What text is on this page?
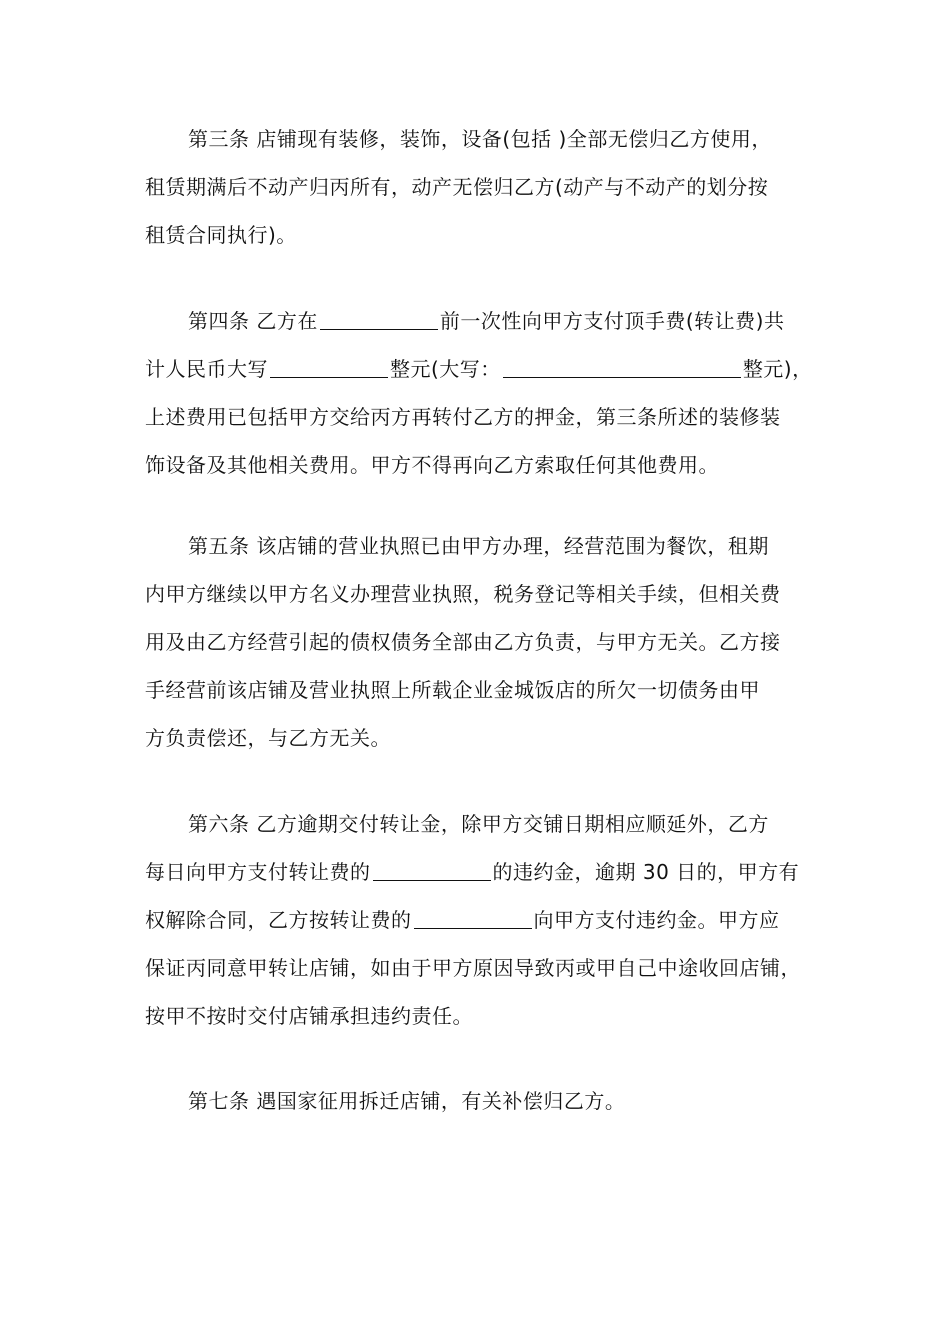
第三条 店铺现有装修，装饰，设备(包括 )全部无偿归乙方使用，
租赁期满后不动产归丙所有，动产无偿归乙方(动产与不动产的划分按
租赁合同执行)。
第四条 乙方在	前一次性向甲方支付顶手费(转让费)共
计人民币大写	整元(大写：	整元)，
上述费用已包括甲方交给丙方再转付乙方的押金，第三条所述的装修装
饰设备及其他相关费用。甲方不得再向乙方索取任何其他费用。
第五条 该店铺的营业执照已由甲方办理，经营范围为餐饮，租期
内甲方继续以甲方名义办理营业执照，税务登记等相关手续，但相关费
用及由乙方经营引起的债权债务全部由乙方负责，与甲方无关。乙方接
手经营前该店铺及营业执照上所载企业金城饭店的所欠一切债务由甲
方负责偿还，与乙方无关。
第六条 乙方逾期交付转让金，除甲方交铺日期相应顺延外，乙方
每日向甲方支付转让费的	的违约金，逾期 30 日的，甲方有
权解除合同，乙方按转让费的	向甲方支付违约金。甲方应
保证丙同意甲转让店铺，如由于甲方原因导致丙或甲自己中途收回店铺，
按甲不按时交付店铺承担违约责任。
第七条 遇国家征用拆迁店铺，有关补偿归乙方。
